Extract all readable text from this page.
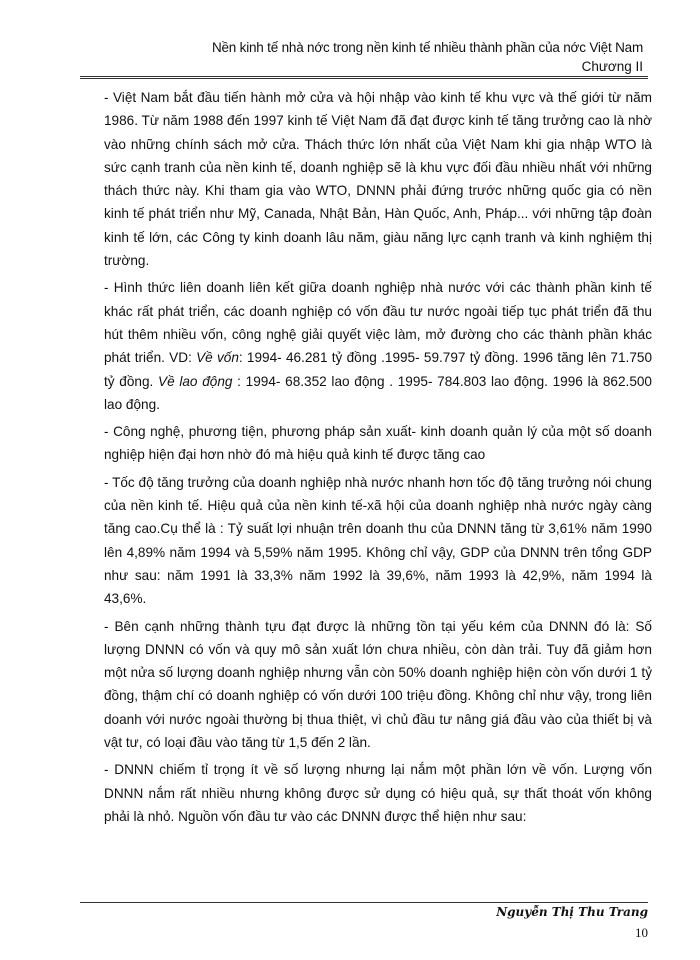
Nền kinh tế nhà nớc trong nền kinh tế nhiều thành phần của nớc Việt Nam
Chương II

- Việt Nam bắt đầu tiến hành mở cửa và hội nhập vào kinh tế khu vực và thế giới từ năm 1986. Từ năm 1988 đến 1997 kinh tế Việt Nam đã đạt được kinh tế tăng trưởng cao là nhờ vào những chính sách mở cửa. Thách thức lớn nhất của Việt Nam khi gia nhập WTO là sức cạnh tranh của nền kinh tế, doanh nghiệp sẽ là khu vực đối đầu nhiều nhất với những thách thức này. Khi tham gia vào WTO, DNNN phải đứng trước những quốc gia có nền kinh tế phát triển như Mỹ, Canada, Nhật Bản, Hàn Quốc, Anh, Pháp... với những tập đoàn kinh tế lớn, các Công ty kinh doanh lâu năm, giàu năng lực cạnh tranh và kinh nghiệm thị trường.

- Hình thức liên doanh liên kết giữa doanh nghiệp nhà nước với các thành phần kinh tế khác rất phát triển, các doanh nghiệp có vốn đầu tư nước ngoài tiếp tục phát triển đã thu hút thêm nhiều vốn, công nghệ giải quyết việc làm, mở đường cho các thành phần khác phát triển. VD: Về vốn: 1994- 46.281 tỷ đồng .1995- 59.797 tỷ đồng. 1996 tăng lên 71.750 tỷ đồng. Về lao động : 1994- 68.352 lao động . 1995- 784.803 lao động. 1996 là 862.500 lao động.

- Công nghệ, phương tiện, phương pháp sản xuất- kinh doanh quản lý của một số doanh nghiệp hiện đại hơn nhờ đó mà hiệu quả kinh tế được tăng cao

- Tốc độ tăng trưởng của doanh nghiệp nhà nước nhanh hơn tốc độ tăng trưởng nói chung của nền kinh tế. Hiệu quả của nền kinh tế-xã hội của doanh nghiệp nhà nước ngày càng tăng cao.Cụ thể là : Tỷ suất lợi nhuận trên doanh thu của DNNN tăng từ 3,61% năm 1990 lên 4,89% năm 1994 và 5,59% năm 1995. Không chỉ vậy, GDP của DNNN trên tổng GDP như sau: năm 1991 là 33,3% năm 1992 là 39,6%, năm 1993 là 42,9%, năm 1994 là 43,6%.

- Bên cạnh những thành tựu đạt được là những tồn tại yếu kém của DNNN đó là: Số lượng DNNN có vốn và quy mô sản xuất lớn chưa nhiều, còn dàn trải. Tuy đã giảm hơn một nửa số lượng doanh nghiệp nhưng vẫn còn 50% doanh nghiệp hiện còn vốn dưới 1 tỷ đồng, thậm chí có doanh nghiệp có vốn dưới 100 triệu đồng. Không chỉ như vậy, trong liên doanh với nước ngoài thường bị thua thiệt, vì chủ đầu tư nâng giá đầu vào của thiết bị và vật tư, có loại đầu vào tăng từ 1,5 đến 2 lần.

- DNNN chiếm tỉ trọng ít về số lượng nhưng lại nắm một phần lớn về vốn. Lượng vốn DNNN nắm rất nhiều nhưng không được sử dụng có hiệu quả, sự thất thoát vốn không phải là nhỏ. Nguồn vốn đầu tư vào các DNNN được thể hiện như sau:

Nguyễn Thị Thu Trang
10
